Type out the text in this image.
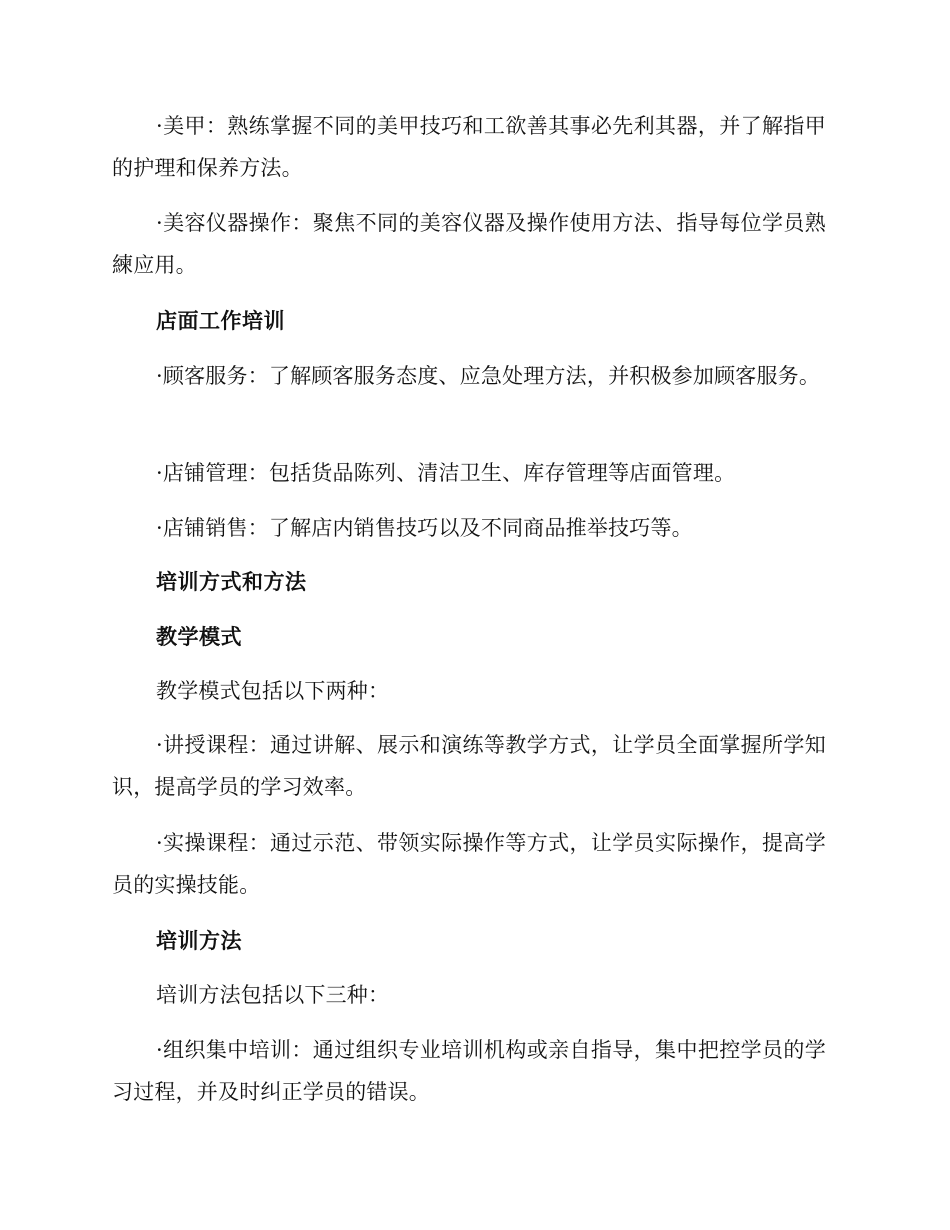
·美甲：熟练掌握不同的美甲技巧和工欲善其事必先利其器，并了解指甲的护理和保养方法。

·美容仪器操作：聚焦不同的美容仪器及操作使用方法、指导每位学员熟練应用。

店面工作培训

·顾客服务：了解顾客服务态度、应急处理方法，并积极参加顾客服务。

·店铺管理：包括货品陈列、清洁卫生、库存管理等店面管理。

·店铺销售：了解店内销售技巧以及不同商品推举技巧等。

培训方式和方法

教学模式

教学模式包括以下两种：

·讲授课程：通过讲解、展示和演练等教学方式，让学员全面掌握所学知识，提高学员的学习效率。

·实操课程：通过示范、带领实际操作等方式，让学员实际操作，提高学员的实操技能。

培训方法

培训方法包括以下三种：

·组织集中培训：通过组织专业培训机构或亲自指导，集中把控学员的学习过程，并及时纠正学员的错误。
